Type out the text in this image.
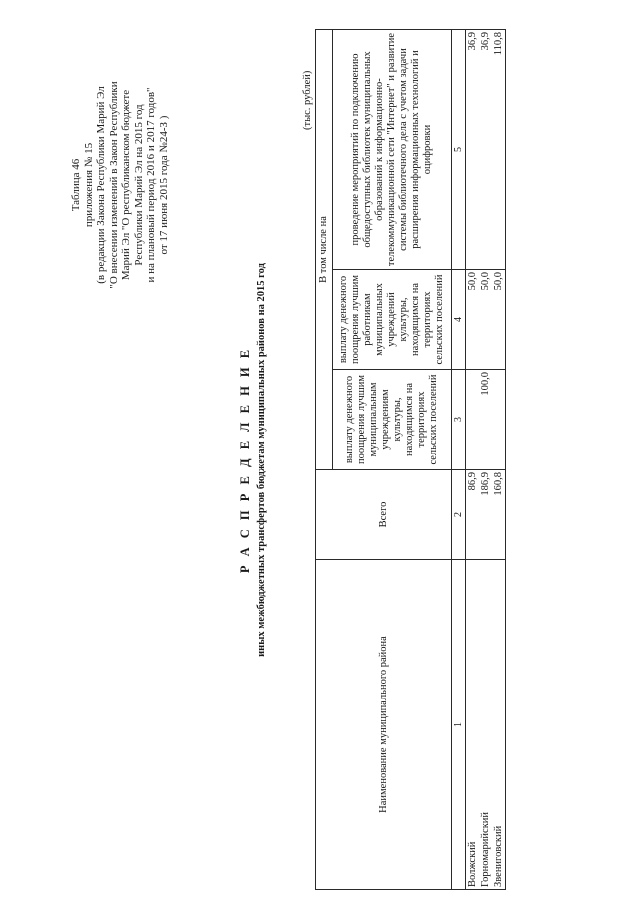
Таблица 46 приложения № 15 (в редакции Закона Республики Марий Эл "О внесении изменений в Закон Республики Марий Эл "О республиканском бюджете Республики Марий Эл на 2015 год и на плановый период 2016 и 2017 годов" от 17 июня 2015 года №24-З )
Р А С П Р Е Д Е Л Е Н И Е иных межбюджетных трансфертов бюджетам муниципальных районов на 2015 год
(тыс. рублей)
Наименование муниципального района	Всего	В том числе на		
		выплату денежного поощрения лучшим муниципальным учреждениям культуры, находящимся на территориях сельских поселений	выплату денежного поощрения лучшим работникам муниципальных учреждений культуры, находящимся на территориях сельских поселений	проведение мероприятий по подключению общедоступных библиотек муниципальных образований к информационно-телекоммуникационной сети "Интернет" и развитие системы библиотечного дела с учетом задачи расширения информационных технологий и оцифровки
1	2	3	4	5
Волжский	86,9		50,0	36,9
Горномарийский	186,9	100,0	50,0	36,9
Звениговский	160,8		50,0	110,8
